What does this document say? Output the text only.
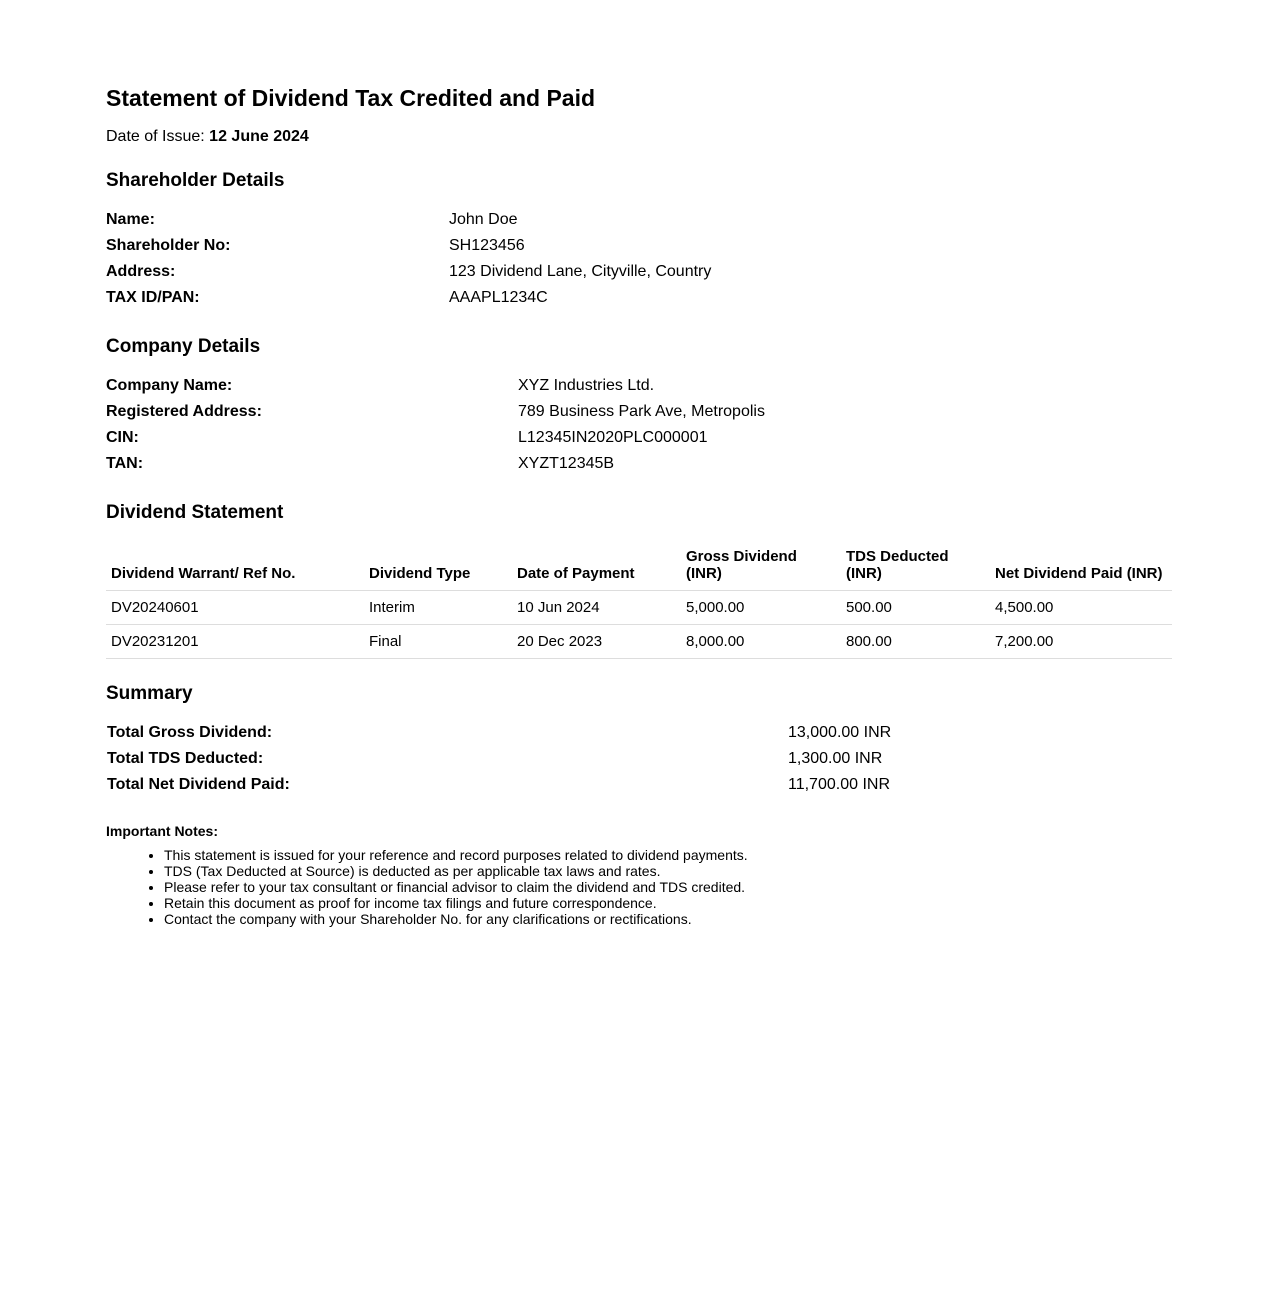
Statement of Dividend Tax Credited and Paid
Date of Issue: 12 June 2024
Shareholder Details
Name:	John Doe
Shareholder No:	SH123456
Address:	123 Dividend Lane, Cityville, Country
TAX ID/PAN:	AAAPL1234C
Company Details
Company Name:	XYZ Industries Ltd.
Registered Address:	789 Business Park Ave, Metropolis
CIN:	L12345IN2020PLC000001
TAN:	XYZT12345B
Dividend Statement
Dividend Warrant/ Ref No.	Dividend Type	Date of Payment	Gross Dividend (INR)	TDS Deducted (INR)	Net Dividend Paid (INR)
DV20240601	Interim	10 Jun 2024	5,000.00	500.00	4,500.00
DV20231201	Final	20 Dec 2023	8,000.00	800.00	7,200.00
Summary
Total Gross Dividend:	13,000.00 INR
Total TDS Deducted:	1,300.00 INR
Total Net Dividend Paid:	11,700.00 INR
Important Notes:
• This statement is issued for your reference and record purposes related to dividend payments.
• TDS (Tax Deducted at Source) is deducted as per applicable tax laws and rates.
• Please refer to your tax consultant or financial advisor to claim the dividend and TDS credited.
• Retain this document as proof for income tax filings and future correspondence.
• Contact the company with your Shareholder No. for any clarifications or rectifications.
